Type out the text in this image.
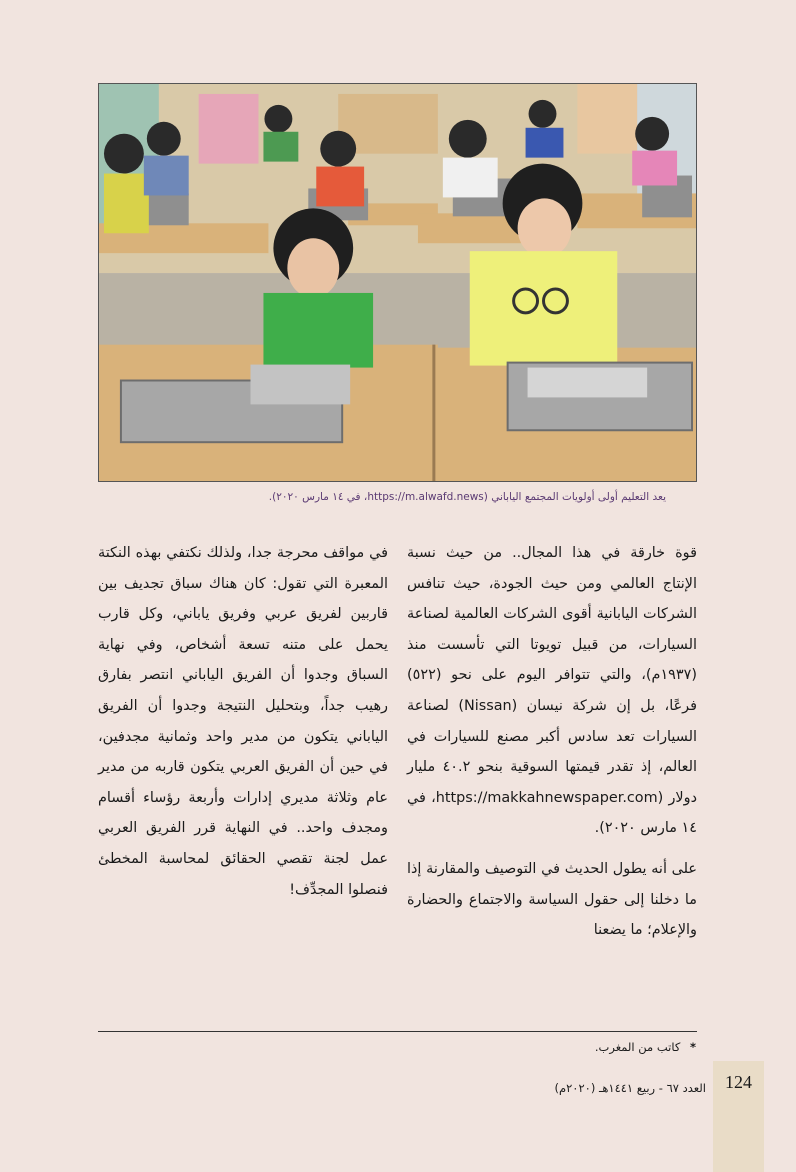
يعد التعليم أولى أولويات المجتمع الياباني (https://m.alwafd.news، في ١٤ مارس ٢٠٢٠).

قوة خارقة في هذا المجال.. من حيث نسبة الإنتاج العالمي ومن حيث الجودة، حيث تنافس الشركات اليابانية أقوى الشركات العالمية لصناعة السيارات، من قبيل تويوتا التي تأسست منذ (١٩٣٧م)، والتي تتوافر اليوم على نحو (٥٢٢) فرعًا، بل إن شركة نيسان (Nissan) لصناعة السيارات تعد سادس أكبر مصنع للسيارات في العالم، إذ تقدر قيمتها السوقية بنحو ٤٠.٢ مليار دولار (https://makkahnewspaper.com، في ١٤ مارس ٢٠٢٠).

على أنه يطول الحديث في التوصيف والمقارنة إذا ما دخلنا إلى حقول السياسة والاجتماع والحضارة والإعلام؛ ما يضعنا

في مواقف محرجة جدا، ولذلك نكتفي بهذه النكتة المعبرة التي تقول: كان هناك سباق تجديف بين قاربين لفريق عربي وفريق ياباني، وكل قارب يحمل على متنه تسعة أشخاص، وفي نهاية السباق وجدوا أن الفريق الياباني انتصر بفارق رهيب جداً، وبتحليل النتيجة وجدوا أن الفريق الياباني يتكون من مدير واحد وثمانية مجدفين، في حين أن الفريق العربي يتكون قاربه من مدير عام وثلاثة مديري إدارات وأربعة رؤساء أقسام ومجدف واحد.. في النهاية قرر الفريق العربي عمل لجنة تقصي الحقائق لمحاسبة المخطئ فنصلوا المجدِّف!

* كاتب من المغرب.
124
العدد ٦٧ - ربيع ١٤٤١هـ (٢٠٢٠م)
